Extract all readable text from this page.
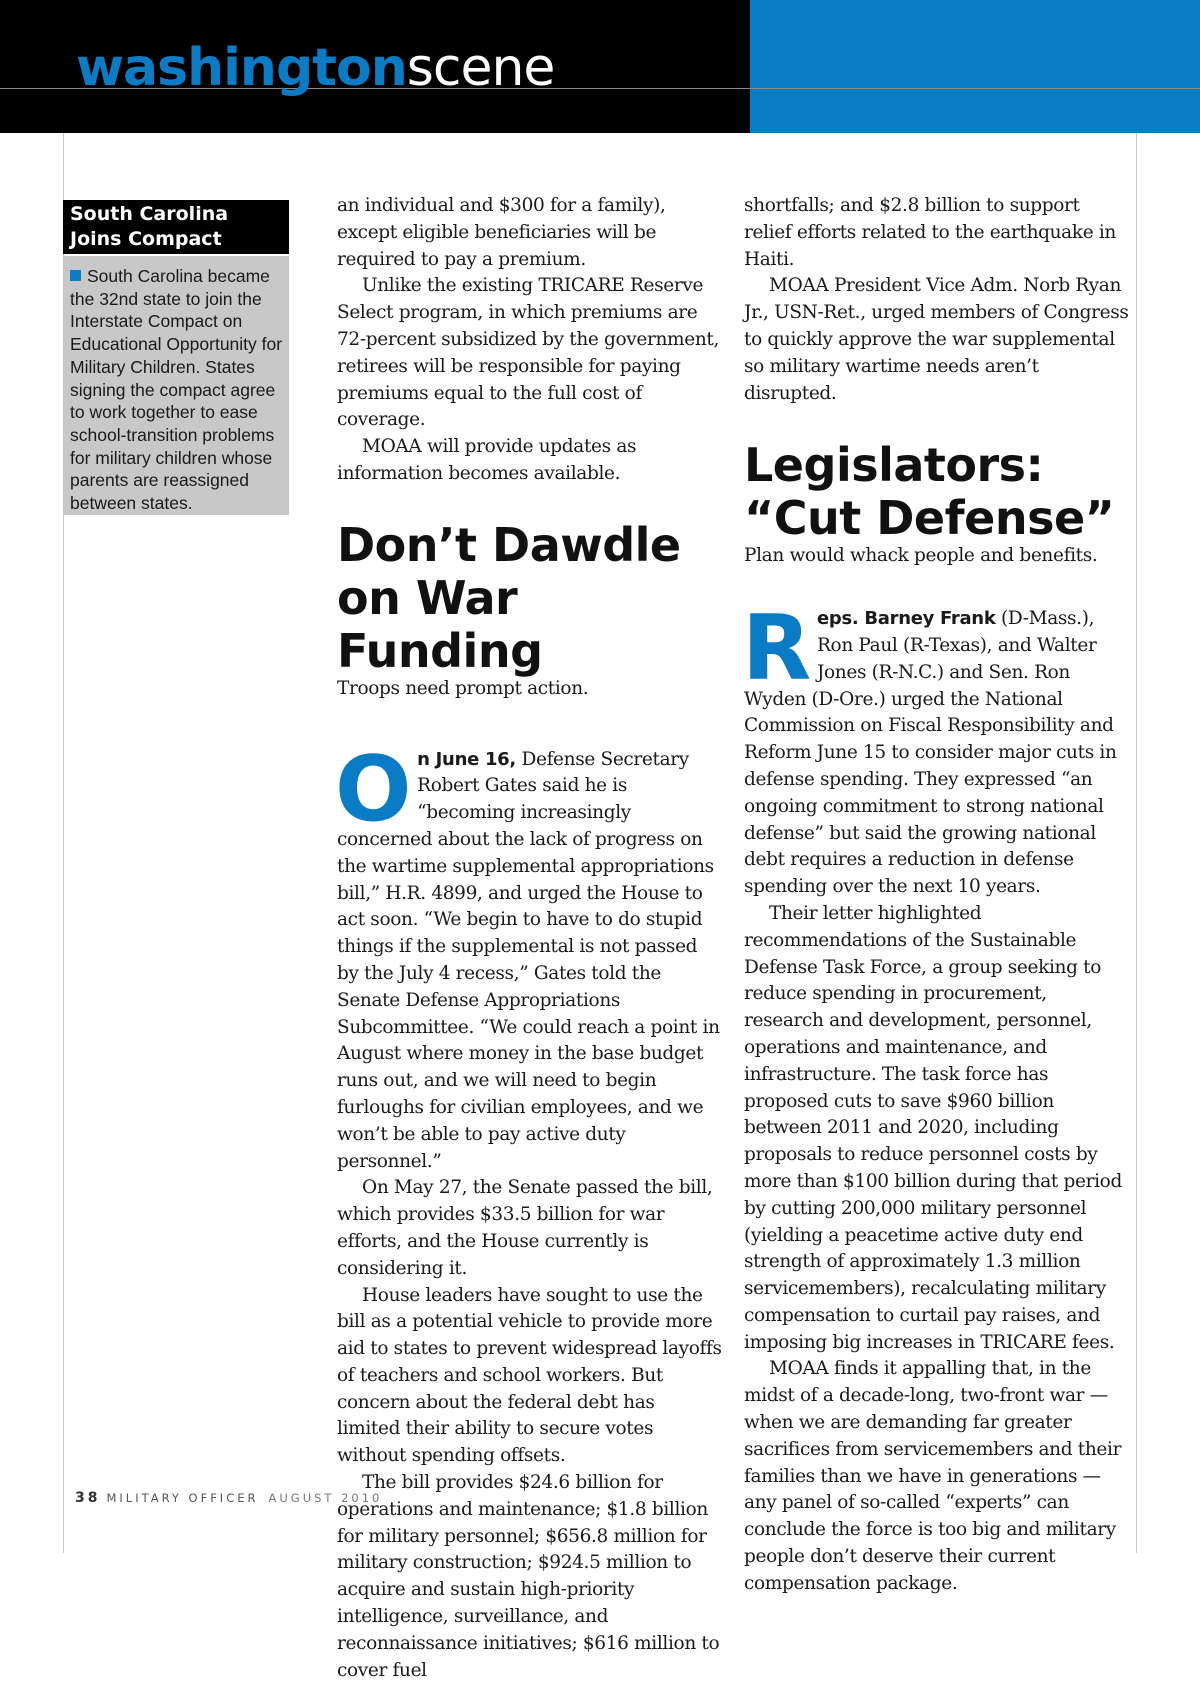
washingtonscene
South Carolina
Joins Compact

South Carolina became the 32nd state to join the Interstate Compact on Educational Opportunity for Military Children. States signing the compact agree to work together to ease school-transition problems for military children whose parents are reassigned between states.

an individual and $300 for a family), except eligible beneficiaries will be required to pay a premium.

Unlike the existing TRICARE Reserve Select program, in which premiums are 72-percent subsidized by the government, retirees will be responsible for paying premiums equal to the full cost of coverage.

MOAA will provide updates as information becomes available.

Don’t Dawdle
on War Funding

Troops need prompt action.

On June 16, Defense Secretary Robert Gates said he is “becoming increasingly concerned about the lack of progress on the wartime supplemental appropriations bill,” H.R. 4899, and urged the House to act soon. “We begin to have to do stupid things if the supplemental is not passed by the July 4 recess,” Gates told the Senate Defense Appropriations Subcommittee. “We could reach a point in August where money in the base budget runs out, and we will need to begin furloughs for civilian employees, and we won’t be able to pay active duty personnel.”

On May 27, the Senate passed the bill, which provides $33.5 billion for war efforts, and the House currently is considering it.

House leaders have sought to use the bill as a potential vehicle to provide more aid to states to prevent widespread layoffs of teachers and school workers. But concern about the federal debt has limited their ability to secure votes without spending offsets.

The bill provides $24.6 billion for operations and maintenance; $1.8 billion for military personnel; $656.8 million for military construction; $924.5 million to acquire and sustain high-priority intelligence, surveillance, and reconnaissance initiatives; $616 million to cover fuel

shortfalls; and $2.8 billion to support relief efforts related to the earthquake in Haiti.

MOAA President Vice Adm. Norb Ryan Jr., USN-Ret., urged members of Congress to quickly approve the war supplemental so military wartime needs aren’t disrupted.

Legislators:
“Cut Defense”

Plan would whack people and benefits.

Reps. Barney Frank (D-Mass.), Ron Paul (R-Texas), and Walter Jones (R-N.C.) and Sen. Ron Wyden (D-Ore.) urged the National Commission on Fiscal Responsibility and Reform June 15 to consider major cuts in defense spending. They expressed “an ongoing commitment to strong national defense” but said the growing national debt requires a reduction in defense spending over the next 10 years.

Their letter highlighted recommendations of the Sustainable Defense Task Force, a group seeking to reduce spending in procurement, research and development, personnel, operations and maintenance, and infrastructure. The task force has proposed cuts to save $960 billion between 2011 and 2020, including proposals to reduce personnel costs by more than $100 billion during that period by cutting 200,000 military personnel (yielding a peacetime active duty end strength of approximately 1.3 million servicemembers), recalculating military compensation to curtail pay raises, and imposing big increases in TRICARE fees.

MOAA finds it appalling that, in the midst of a decade-long, two-front war — when we are demanding far greater sacrifices from servicemembers and their families than we have in generations — any panel of so-called “experts” can conclude the force is too big and military people don’t deserve their current compensation package.

38 MILITARY OFFICER AUGUST 2010
